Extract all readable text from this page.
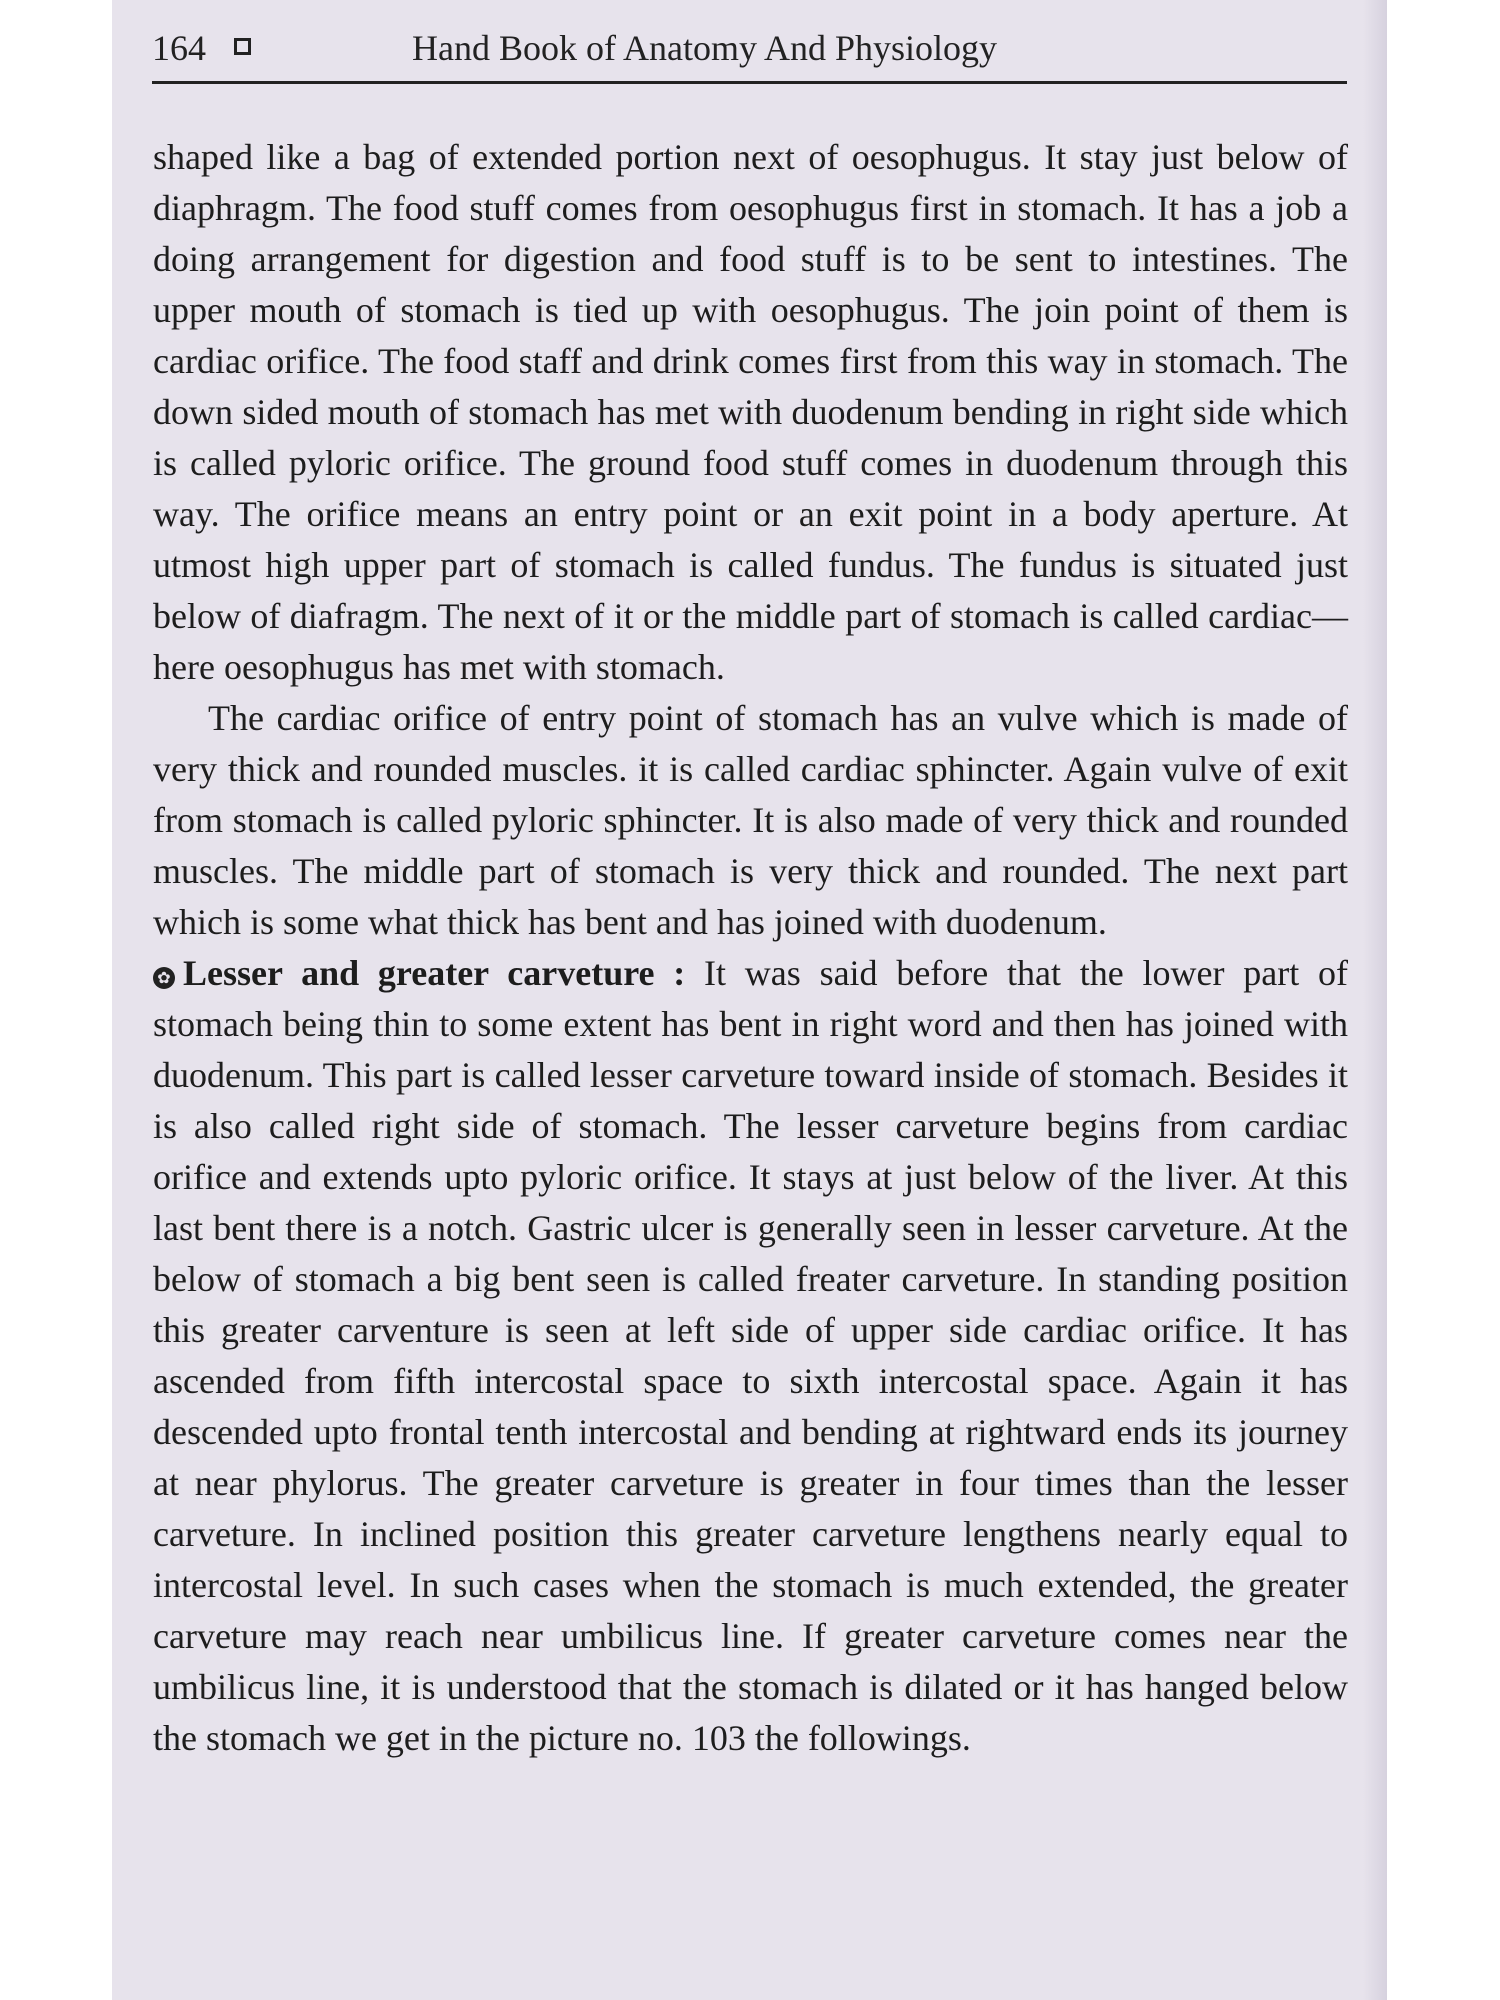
164	Hand Book of Anatomy And Physiology

shaped like a bag of extended portion next of oesophugus. It stay just below of diaphragm. The food stuff comes from oesophugus first in stomach. It has a job a doing arrangement for digestion and food stuff is to be sent to intestines. The upper mouth of stomach is tied up with oesophugus. The join point of them is cardiac orifice. The food staff and drink comes first from this way in stomach. The down sided mouth of stomach has met with duodenum bending in right side which is called pyloric orifice. The ground food stuff comes in duodenum through this way. The orifice means an entry point or an exit point in a body aperture. At utmost high upper part of stomach is called fundus. The fundus is situated just below of diafragm. The next of it or the middle part of stomach is called cardiac—here oesophugus has met with stomach.

The cardiac orifice of entry point of stomach has an vulve which is made of very thick and rounded muscles. it is called cardiac sphincter. Again vulve of exit from stomach is called pyloric sphincter. It is also made of very thick and rounded muscles. The middle part of stomach is very thick and rounded. The next part which is some what thick has bent and has joined with duodenum.

✿ Lesser and greater carveture : It was said before that the lower part of stomach being thin to some extent has bent in right word and then has joined with duodenum. This part is called lesser carveture toward inside of stomach. Besides it is also called right side of stomach. The lesser carveture begins from cardiac orifice and extends upto pyloric orifice. It stays at just below of the liver. At this last bent there is a notch. Gastric ulcer is generally seen in lesser carveture. At the below of stomach a big bent seen is called freater carveture. In standing position this greater carventure is seen at left side of upper side cardiac orifice. It has ascended from fifth intercostal space to sixth intercostal space. Again it has descended upto frontal tenth intercostal and bending at rightward ends its journey at near phylorus. The greater carveture is greater in four times than the lesser carveture. In inclined position this greater carveture lengthens nearly equal to intercostal level. In such cases when the stomach is much extended, the greater carveture may reach near umbilicus line. If greater carveture comes near the umbilicus line, it is understood that the stomach is dilated or it has hanged below the stomach we get in the picture no. 103 the followings.
